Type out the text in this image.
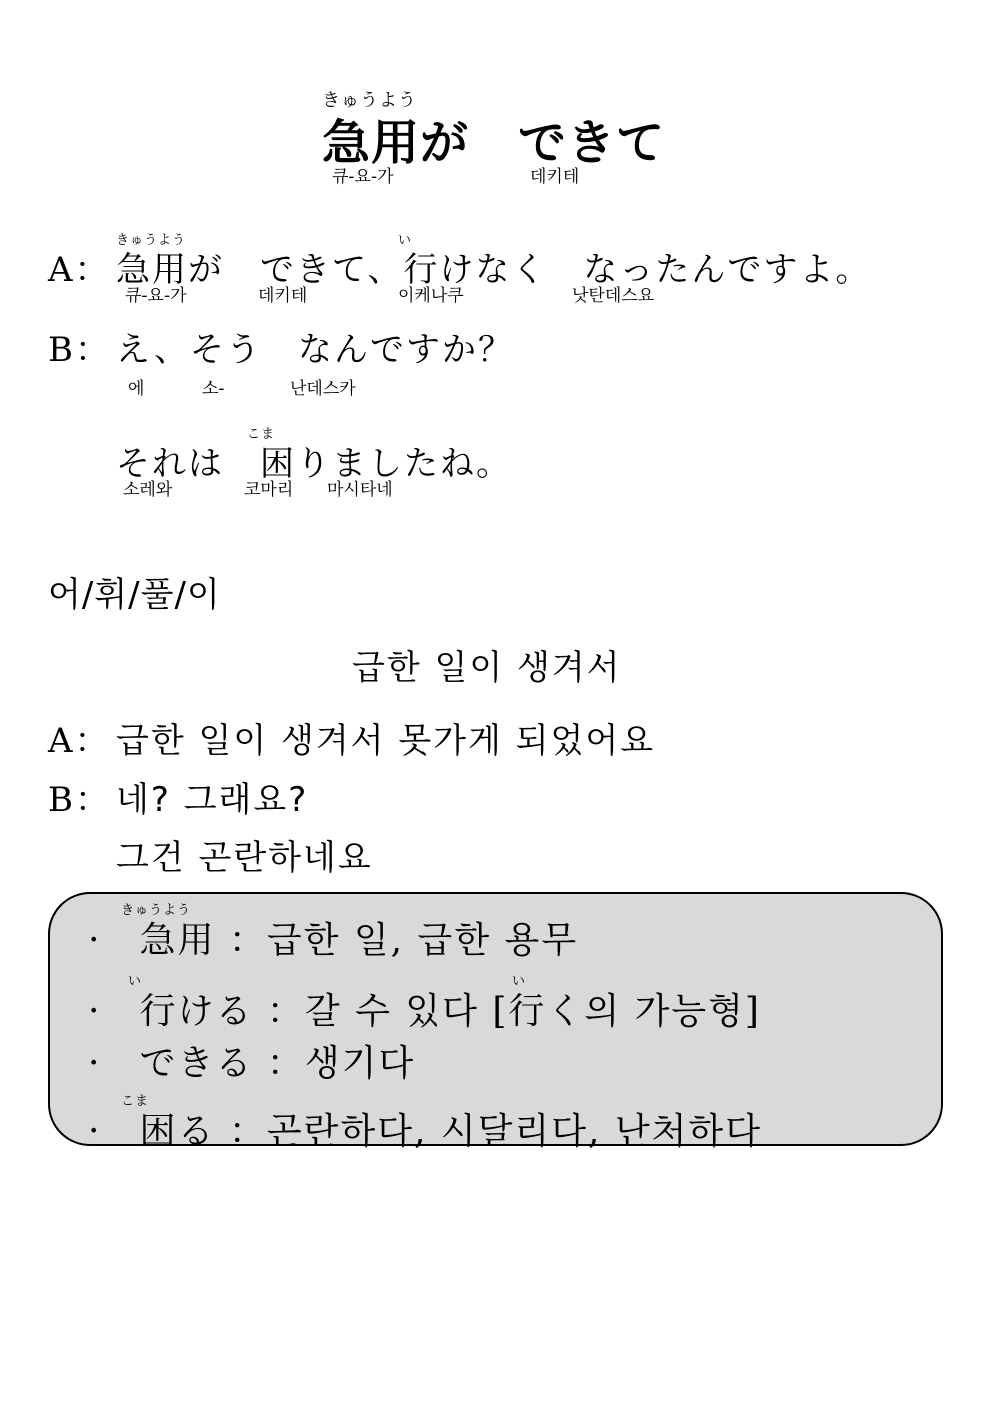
きゅうよう
急用が　できて
큐-요-가	데키테
きゅうよう	い
A： 急用が　できて、行けなく　なったんですよ。
큐-요-가	데키테	이케나쿠	낫탄데스요
B： え、そう　なんですか？
에	소-	난데스카
こま
それは　困りましたね。
소레와	코마리 마시타네
어/휘/풀/이
급한 일이 생겨서
A： 급한 일이 생겨서 못가게 되었어요
B： 네? 그래요?
그건 곤란하네요
きゅうよう
·　急用 ：급한 일, 급한 용무
い	い
·　行ける ：갈 수 있다 [行く의 가능형]
·　できる ：생기다
こま
·　困る ：곤란하다, 시달리다, 난처하다
